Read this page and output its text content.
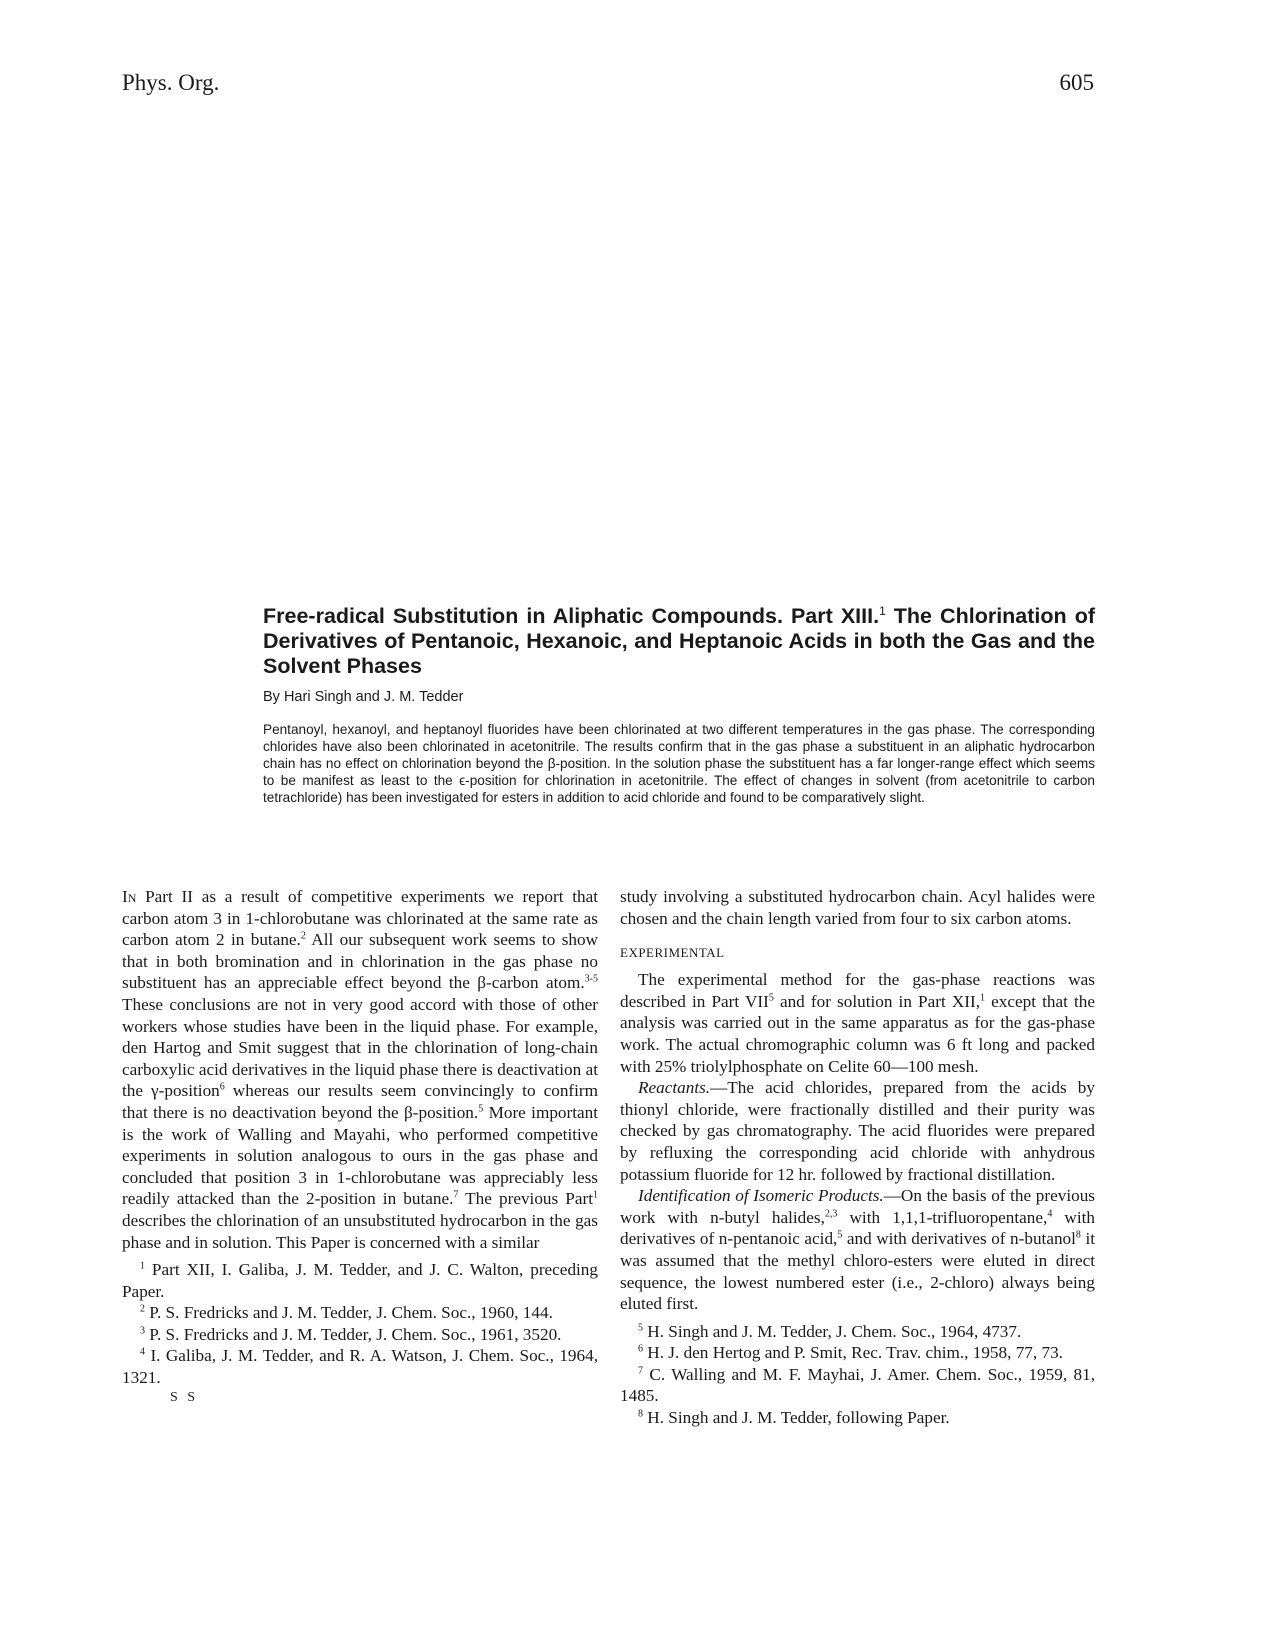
Phys. Org.	605
Free-radical Substitution in Aliphatic Compounds. Part XIII.$^1$ The Chlorination of Derivatives of Pentanoic, Hexanoic, and Heptanoic Acids in both the Gas and the Solvent Phases
By Hari Singh and J. M. Tedder
Pentanoyl, hexanoyl, and heptanoyl fluorides have been chlorinated at two different temperatures in the gas phase. The corresponding chlorides have also been chlorinated in acetonitrile. The results confirm that in the gas phase a substituent in an aliphatic hydrocarbon chain has no effect on chlorination beyond the β-position. In the solution phase the substituent has a far longer-range effect which seems to be manifest as least to the ϵ-position for chlorination in acetonitrile. The effect of changes in solvent (from acetonitrile to carbon tetrachloride) has been investigated for esters in addition to acid chloride and found to be comparatively slight.

In Part II as a result of competitive experiments we report that carbon atom 3 in 1-chlorobutane was chlorinated at the same rate as carbon atom 2 in butane.$^2$ All our subsequent work seems to show that in both bromination and in chlorination in the gas phase no substituent has an appreciable effect beyond the β-carbon atom.$^{3-5}$ These conclusions are not in very good accord with those of other workers whose studies have been in the liquid phase. For example, den Hartog and Smit suggest that in the chlorination of long-chain carboxylic acid derivatives in the liquid phase there is deactivation at the γ-position$^6$ whereas our results seem convincingly to confirm that there is no deactivation beyond the β-position.$^5$ More important is the work of Walling and Mayahi, who performed competitive experiments in solution analogous to ours in the gas phase and concluded that position 3 in 1-chlorobutane was appreciably less readily attacked than the 2-position in butane.$^7$ The previous Part$^1$ describes the chlorination of an unsubstituted hydrocarbon in the gas phase and in solution. This Paper is concerned with a similar

$^1$ Part XII, I. Galiba, J. M. Tedder, and J. C. Walton, preceding Paper.

$^2$ P. S. Fredricks and J. M. Tedder, J. Chem. Soc., 1960, 144.

$^3$ P. S. Fredricks and J. M. Tedder, J. Chem. Soc., 1961, 3520.

$^4$ I. Galiba, J. M. Tedder, and R. A. Watson, J. Chem. Soc., 1964, 1321.

S S

study involving a substituted hydrocarbon chain. Acyl halides were chosen and the chain length varied from four to six carbon atoms.

EXPERIMENTAL

The experimental method for the gas-phase reactions was described in Part VII$^5$ and for solution in Part XII,$^1$ except that the analysis was carried out in the same apparatus as for the gas-phase work. The actual chromographic column was 6 ft long and packed with 25% triolylphosphate on Celite 60—100 mesh.

Reactants.—The acid chlorides, prepared from the acids by thionyl chloride, were fractionally distilled and their purity was checked by gas chromatography. The acid fluorides were prepared by refluxing the corresponding acid chloride with anhydrous potassium fluoride for 12 hr. followed by fractional distillation.

Identification of Isomeric Products.—On the basis of the previous work with n-butyl halides,$^{2,3}$ with 1,1,1-trifluoropentane,$^4$ with derivatives of n-pentanoic acid,$^5$ and with derivatives of n-butanol$^8$ it was assumed that the methyl chloro-esters were eluted in direct sequence, the lowest numbered ester (i.e., 2-chloro) always being eluted first.

$^5$ H. Singh and J. M. Tedder, J. Chem. Soc., 1964, 4737.

$^6$ H. J. den Hertog and P. Smit, Rec. Trav. chim., 1958, 77, 73.

$^7$ C. Walling and M. F. Mayhai, J. Amer. Chem. Soc., 1959, 81, 1485.

$^8$ H. Singh and J. M. Tedder, following Paper.
